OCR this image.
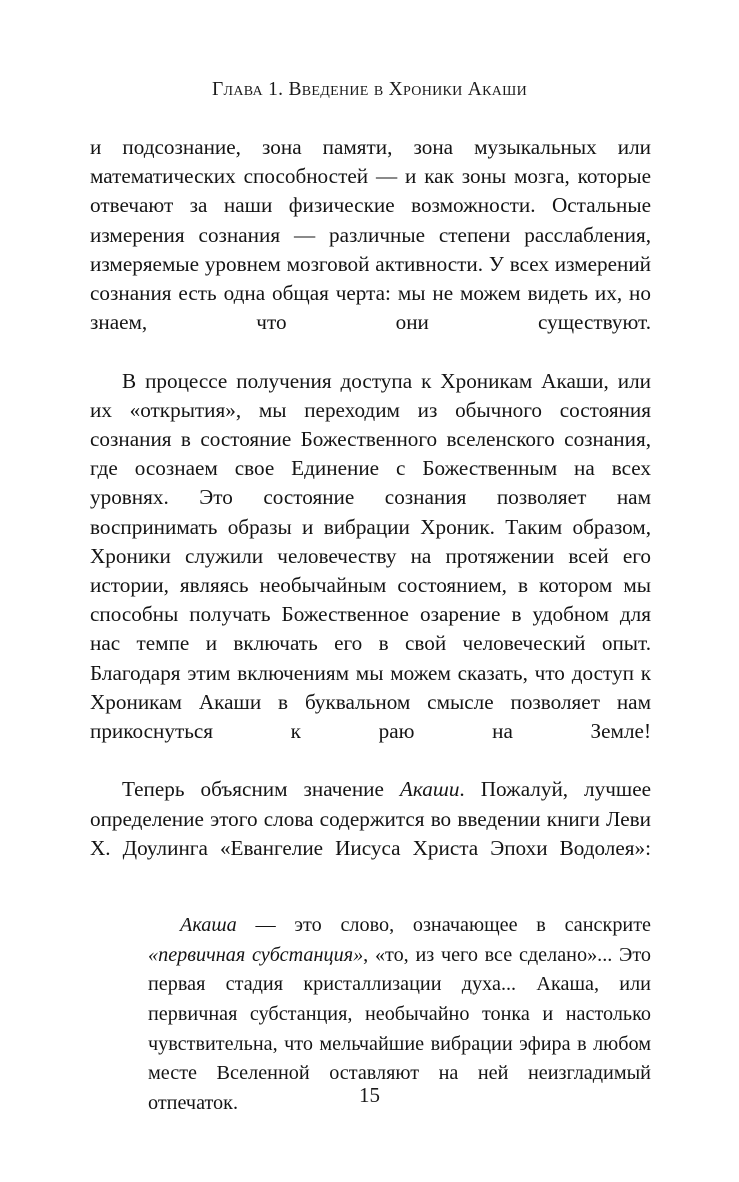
Глава 1. Введение в Хроники Акаши

и подсознание, зона памяти, зона музыкальных или математических способностей — и как зоны мозга, которые отвечают за наши физические возможности. Остальные измерения сознания — различные степени расслабления, измеряемые уровнем мозговой активности. У всех измерений сознания есть одна общая черта: мы не можем видеть их, но знаем, что они существуют.

В процессе получения доступа к Хроникам Акаши, или их «открытия», мы переходим из обычного состояния сознания в состояние Божественного вселенского сознания, где осознаем свое Единение с Божественным на всех уровнях. Это состояние сознания позволяет нам воспринимать образы и вибрации Хроник. Таким образом, Хроники служили человечеству на протяжении всей его истории, являясь необычайным состоянием, в котором мы способны получать Божественное озарение в удобном для нас темпе и включать его в свой человеческий опыт. Благодаря этим включениям мы можем сказать, что доступ к Хроникам Акаши в буквальном смысле позволяет нам прикоснуться к раю на Земле!

Теперь объясним значение Акаши. Пожалуй, лучшее определение этого слова содержится во введении книги Леви Х. Доулинга «Евангелие Иисуса Христа Эпохи Водолея»:

Акаша — это слово, означающее в санскрите «первичная субстанция», «то, из чего все сделано»... Это первая стадия кристаллизации духа... Акаша, или первичная субстанция, необычайно тонка и настолько чувствительна, что мельчайшие вибрации эфира в любом месте Вселенной оставляют на ней неизгладимый отпечаток.	15
